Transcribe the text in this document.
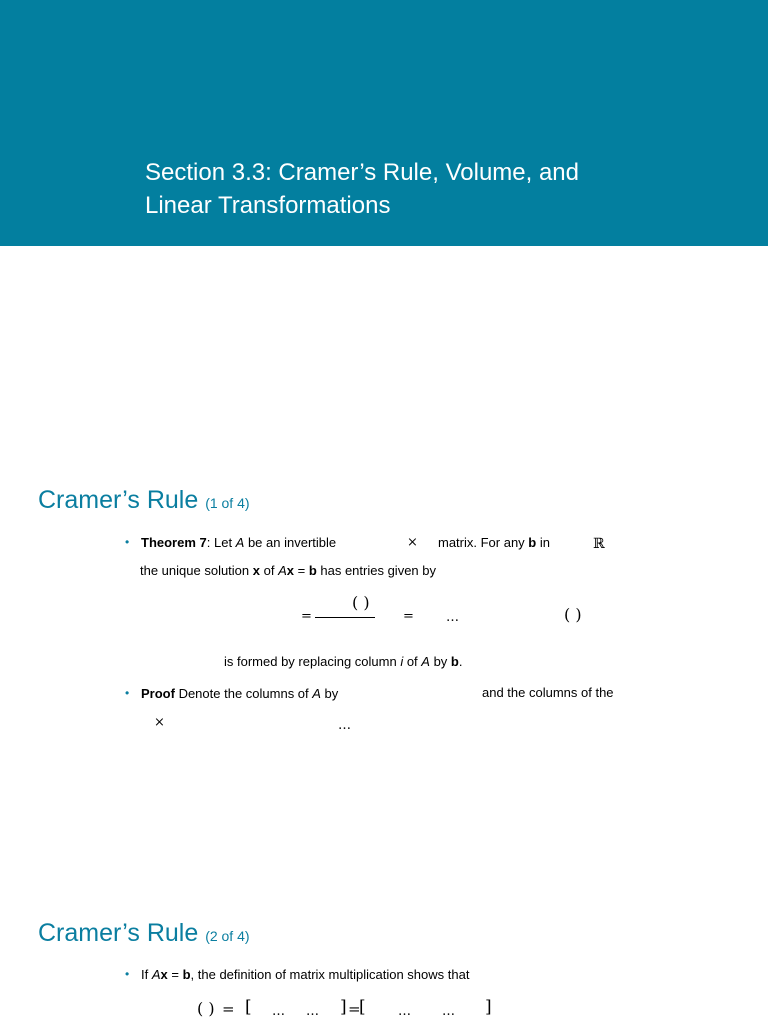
Section 3.3: Cramer’s Rule, Volume, and
Linear Transformations
Cramer’s Rule (1 of 4)
• Theorem 7: Let A be an invertible	× matrix. For any b in	ℝ
the unique solution x of Ax = b has entries given by
=
( )
= …	( )
is formed by replacing column i of A by b.
• Proof Denote the columns of A by	and the columns of the
×	…
Cramer’s Rule (2 of 4)
• If Ax = b, the definition of matrix multiplication shows that
( ) = [ … … ] =
[ … … ]
